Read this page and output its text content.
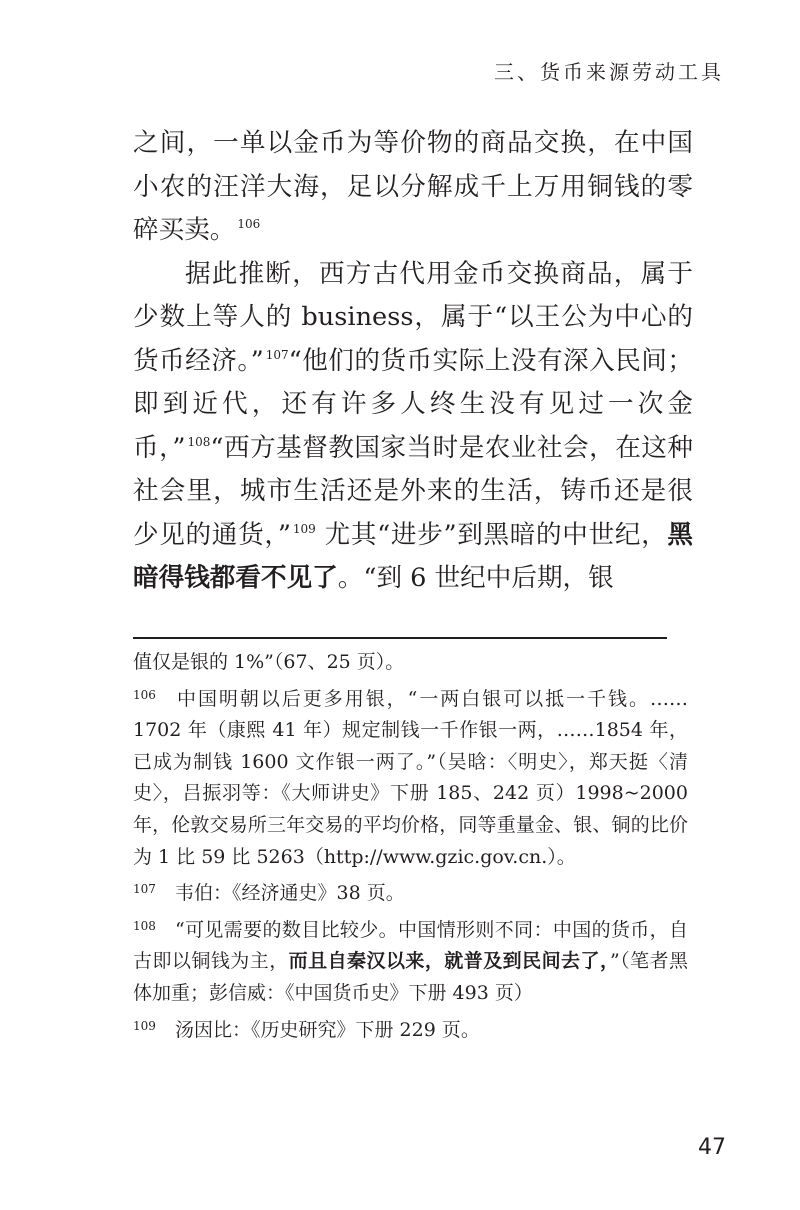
三、货币来源劳动工具

之间，一单以金币为等价物的商品交换，在中国小农的汪洋大海，足以分解成千上万用铜钱的零碎买卖。 $^{106}$

据此推断，西方古代用金币交换商品，属于少数上等人的 business，属于“以王公为中心的货币经济。” $^{107}$“他们的货币实际上没有深入民间；即到近代，还有许多人终生没有见过一次金币，” $^{108}$“西方基督教国家当时是农业社会，在这种社会里，城市生活还是外来的生活，铸币还是很少见的通货，” $^{109}$ 尤其“进步”到黑暗的中世纪，黑暗得钱都看不见了。“到 6 世纪中后期，银

值仅是银的 1%”（67、25 页）。

106 中国明朝以后更多用银，“一两白银可以抵一千钱。……1702 年（康熙 41 年）规定制钱一千作银一两，……1854 年，已成为制钱 1600 文作银一两了。”（吴晗：〈明史〉，郑天挺〈清史〉，吕振羽等：《大师讲史》下册 185、242 页）1998~2000 年，伦敦交易所三年交易的平均价格，同等重量金、银、铜的比价为 1 比 59 比 5263（http://www.gzic.gov.cn.）。

107 韦伯：《经济通史》38 页。

108 “可见需要的数目比较少。中国情形则不同：中国的货币，自古即以铜钱为主，而且自秦汉以来，就普及到民间去了，”（笔者黑体加重；彭信威：《中国货币史》下册 493 页）

109 汤因比：《历史研究》下册 229 页。

47
